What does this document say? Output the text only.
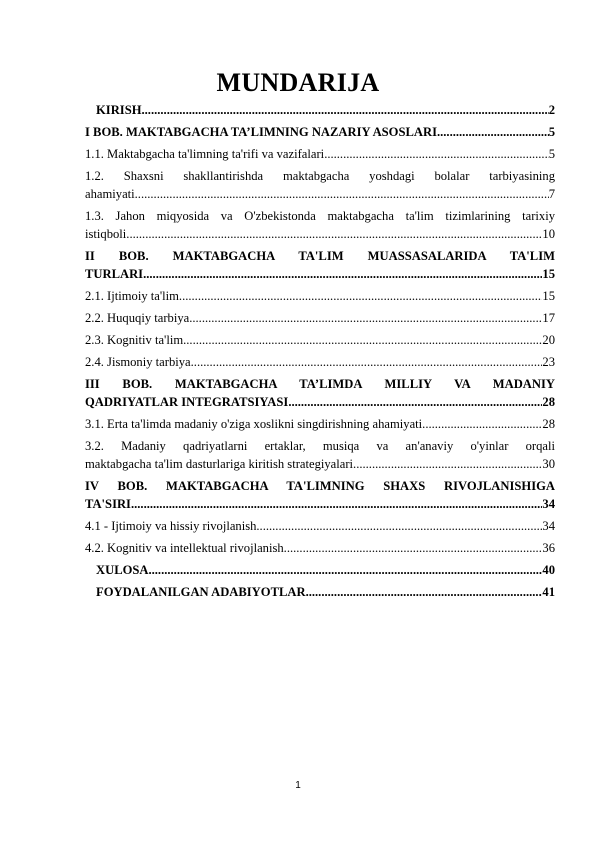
MUNDARIJA
KIRISH .....	2
I BOB. MAKTABGACHA TA’LIMNING NAZARIY ASOSLARI .....	5
1.1. Maktabgacha ta'limning ta'rifi va vazifalari .....	5
1.2. Shaxsni shakllantirishda maktabgacha yoshdagi bolalar tarbiyasining
ahamiyati .....	7
1.3. Jahon miqyosida va O'zbekistonda maktabgacha ta'lim tizimlarining tarixiy
istiqboli .....	10
II BOB. MAKTABGACHA TA'LIM MUASSASALARIDA TA'LIM
TURLARI .....	15
2.1. Ijtimoiy ta'lim .....	15
2.2. Huquqiy tarbiya .....	17
2.3. Kognitiv ta'lim .....	20
2.4. Jismoniy tarbiya .....	23
III BOB. MAKTABGACHA TA’LIMDA MILLIY VA MADANIY
QADRIYATLAR INTEGRATSIYASI .....	28
3.1. Erta ta'limda madaniy o'ziga xoslikni singdirishning ahamiyati .....	28
3.2. Madaniy qadriyatlarni ertaklar, musiqa va an'anaviy o'yinlar orqali
maktabgacha ta'lim dasturlariga kiritish strategiyalari .....	30
IV BOB. MAKTABGACHA TA'LIMNING SHAXS RIVOJLANISHIGA
TA'SIRI .....	34
4.1 - Ijtimoiy va hissiy rivojlanish .....	34
4.2. Kognitiv va intellektual rivojlanish .....	36
XULOSA .....	40
FOYDALANILGAN ADABIYOTLAR .....	41
1
